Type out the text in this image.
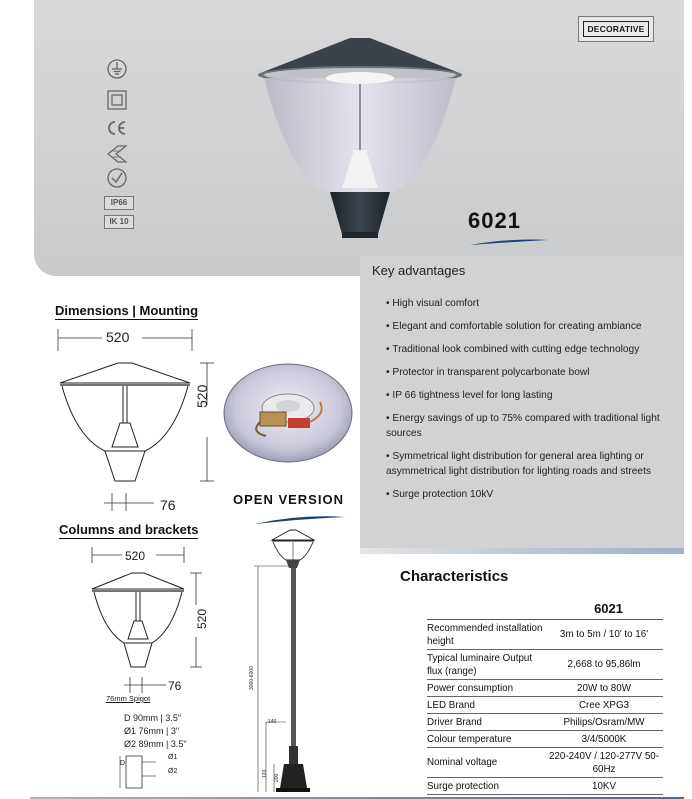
DECORATIVE
IP66
IK 10	6021
Key advantages
• High visual comfort
• Elegant and comfortable solution for creating ambiance
• Traditional look combined with cutting edge technology
• Protector in transparent polycarbonate bowl
• IP 66 tightness level for long lasting
• Energy savings of up to 75% compared with traditional light sources
• Symmetrical light distribution for general area lighting or asymmetrical light distribution for lighting roads and streets
• Surge protection 10kV
Dimensions | Mounting
520
520
76	OPEN VERSION
Columns and brackets
520
520
76
76mm Spigot
D 90mm | 3.5"
Ø1 76mm | 3"
Ø2 89mm | 3.5"
D
Ø1
Ø2
3000-6000
140
120 200
Characteristics
6021	
Recommended installation height	3m to 5m / 10' to 16'
Typical luminaire Output flux (range)	2,668 to 95,86lm
Power consumption	20W to 80W
LED Brand	Cree XPG3
Driver Brand	Philips/Osram/MW
Colour temperature	3/4/5000K
Nominal voltage	220-240V / 120-277V 50-60Hz
Surge protection	10KV
